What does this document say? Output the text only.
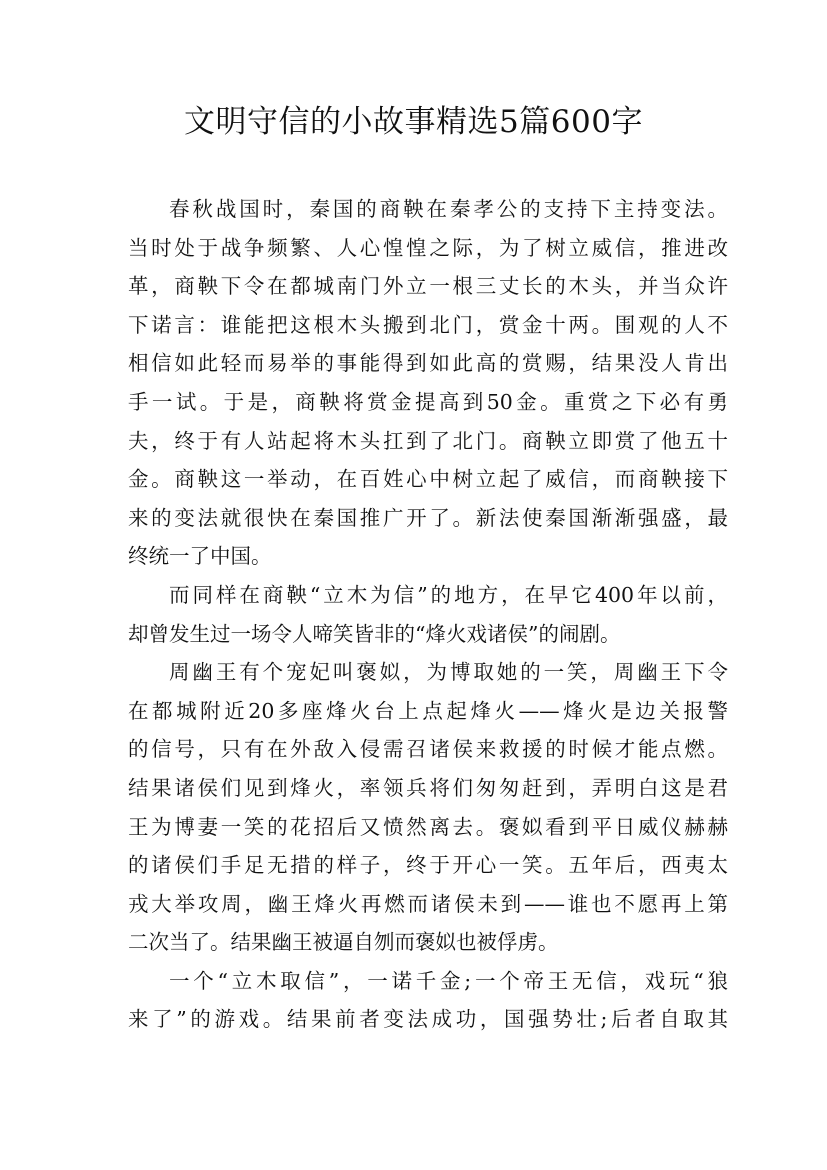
文明守信的小故事精选5篇600字
春秋战国时，秦国的商鞅在秦孝公的支持下主持变法。
当时处于战争频繁、人心惶惶之际，为了树立威信，推进改
革，商鞅下令在都城南门外立一根三丈长的木头，并当众许
下诺言：谁能把这根木头搬到北门，赏金十两。围观的人不
相信如此轻而易举的事能得到如此高的赏赐，结果没人肯出
手一试。于是，商鞅将赏金提高到50金。重赏之下必有勇
夫，终于有人站起将木头扛到了北门。商鞅立即赏了他五十
金。商鞅这一举动，在百姓心中树立起了威信，而商鞅接下
来的变法就很快在秦国推广开了。新法使秦国渐渐强盛，最
终统一了中国。
而同样在商鞅“立木为信”的地方，在早它400年以前，
却曾发生过一场令人啼笑皆非的“烽火戏诸侯”的闹剧。
周幽王有个宠妃叫褒姒，为博取她的一笑，周幽王下令
在都城附近20多座烽火台上点起烽火——烽火是边关报警
的信号，只有在外敌入侵需召诸侯来救援的时候才能点燃。
结果诸侯们见到烽火，率领兵将们匆匆赶到，弄明白这是君
王为博妻一笑的花招后又愤然离去。褒姒看到平日威仪赫赫
的诸侯们手足无措的样子，终于开心一笑。五年后，西夷太
戎大举攻周，幽王烽火再燃而诸侯未到——谁也不愿再上第
二次当了。结果幽王被逼自刎而褒姒也被俘虏。
一个“立木取信”，一诺千金;一个帝王无信，戏玩“狼
来了”的游戏。结果前者变法成功，国强势壮;后者自取其
